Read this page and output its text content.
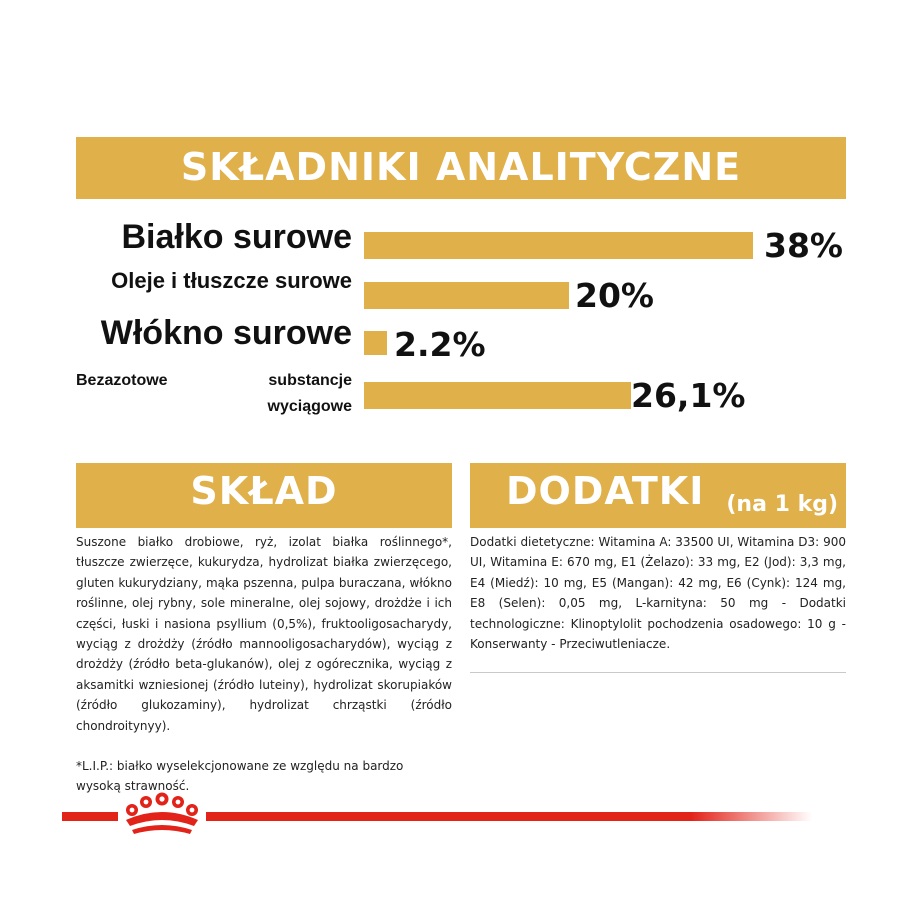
SKŁADNIKI ANALITYCZNE
Białko surowe	38%
Oleje i tłuszcze surowe	20%
Włókno surowe 2.2%
Bezazotowe	substancje
wyciągowe	26,1%
SKŁAD

Suszone białko drobiowe, ryż, izolat białka roślinnego*, tłuszcze zwierzęce, kukurydza, hydrolizat białka zwierzęcego, gluten kukurydziany, mąka pszenna, pulpa buraczana, włókno roślinne, olej rybny, sole mineralne, olej sojowy, drożdże i ich części, łuski i nasiona psyllium (0,5%), fruktooligosacharydy, wyciąg z drożdży (źródło mannooligosacharydów), wyciąg z drożdży (źródło beta-glukanów), olej z ogórecznika, wyciąg z aksamitki wzniesionej (źródło luteiny), hydrolizat skorupiaków (źródło glukozaminy), hydrolizat chrząstki (źródło chondroitynyy).

*L.I.P.: białko wyselekcjonowane ze względu na bardzo
wysoką strawność.
DODATKI (na 1 kg)

Dodatki dietetyczne: Witamina A: 33500 UI, Witamina D3: 900 UI, Witamina E: 670 mg, E1 (Żelazo): 33 mg, E2 (Jod): 3,3 mg, E4 (Miedź): 10 mg, E5 (Mangan): 42 mg, E6 (Cynk): 124 mg, E8 (Selen): 0,05 mg, L-karnityna: 50 mg - Dodatki technologiczne: Klinoptylolit pochodzenia osadowego: 10 g - Konserwanty - Przeciwutleniacze.
